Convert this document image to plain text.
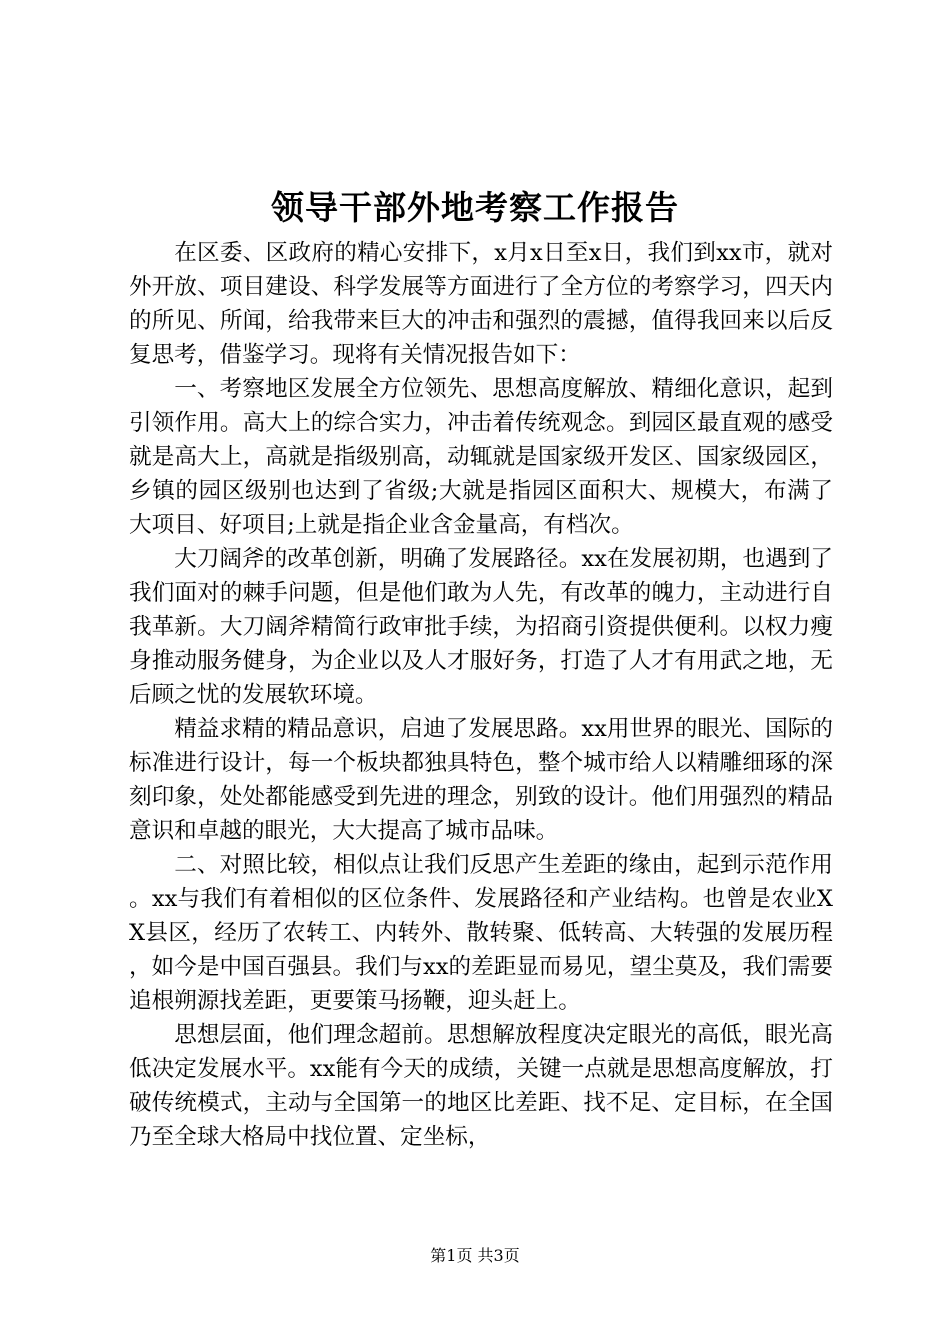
领导干部外地考察工作报告

在区委、区政府的精心安排下，x月x日至x日，我们到xx市，就对外开放、项目建设、科学发展等方面进行了全方位的考察学习，四天内的所见、所闻，给我带来巨大的冲击和强烈的震撼，值得我回来以后反复思考，借鉴学习。现将有关情况报告如下：

一、考察地区发展全方位领先、思想高度解放、精细化意识，起到引领作用。高大上的综合实力，冲击着传统观念。到园区最直观的感受就是高大上，高就是指级别高，动辄就是国家级开发区、国家级园区，乡镇的园区级别也达到了省级;大就是指园区面积大、规模大，布满了大项目、好项目;上就是指企业含金量高，有档次。

大刀阔斧的改革创新，明确了发展路径。xx在发展初期，也遇到了我们面对的棘手问题，但是他们敢为人先，有改革的魄力，主动进行自我革新。大刀阔斧精简行政审批手续，为招商引资提供便利。以权力瘦身推动服务健身，为企业以及人才服好务，打造了人才有用武之地，无后顾之忧的发展软环境。

精益求精的精品意识，启迪了发展思路。xx用世界的眼光、国际的标准进行设计，每一个板块都独具特色，整个城市给人以精雕细琢的深刻印象，处处都能感受到先进的理念，别致的设计。他们用强烈的精品意识和卓越的眼光，大大提高了城市品味。

二、对照比较，相似点让我们反思产生差距的缘由，起到示范作用。xx与我们有着相似的区位条件、发展路径和产业结构。也曾是农业XX县区，经历了农转工、内转外、散转聚、低转高、大转强的发展历程，如今是中国百强县。我们与xx的差距显而易见，望尘莫及，我们需要追根朔源找差距，更要策马扬鞭，迎头赶上。

思想层面，他们理念超前。思想解放程度决定眼光的高低，眼光高低决定发展水平。xx能有今天的成绩，关键一点就是思想高度解放，打破传统模式，主动与全国第一的地区比差距、找不足、定目标，在全国乃至全球大格局中找位置、定坐标，

第1页 共3页
